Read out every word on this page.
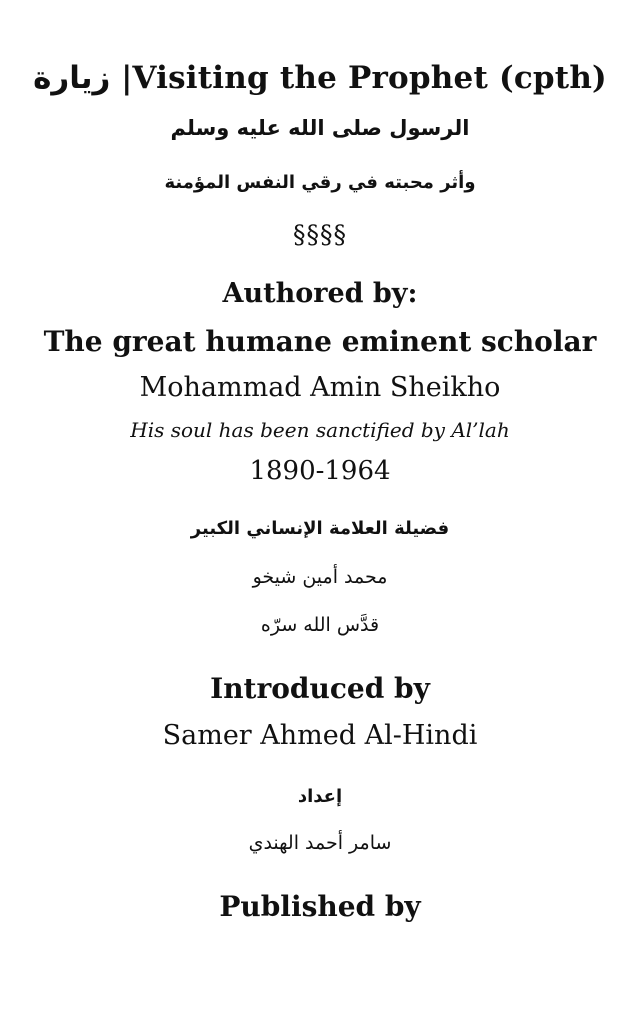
زيارة |Visiting the Prophet (cpth)
الرسول صلى الله عليه وسلم
وأثر محبته في رقي النفس المؤمنة
§§§§
Authored by:
The great humane eminent scholar
Mohammad Amin Sheikho
His soul has been sanctified by Al’lah
1890-1964
فضيلة العلامة الإنساني الكبير
محمد أمين شيخو
قدَّس الله سرّه
Introduced by
Samer Ahmed Al-Hindi
إعداد
سامر أحمد الهندي
Published by
